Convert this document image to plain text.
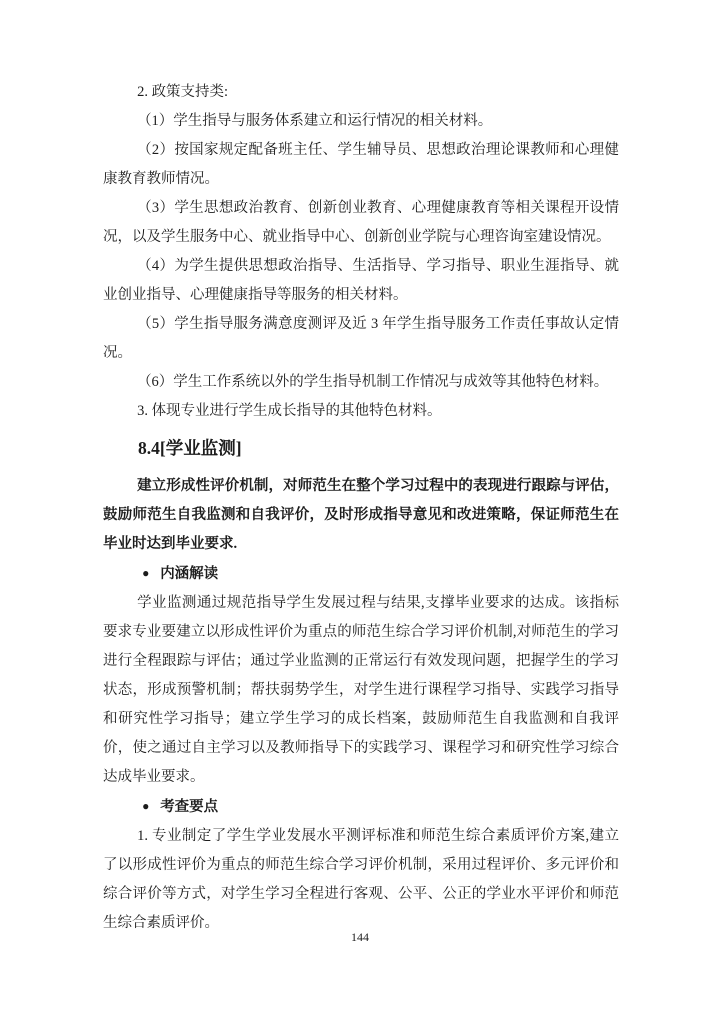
2. 政策支持类:

（1）学生指导与服务体系建立和运行情况的相关材料。

（2）按国家规定配备班主任、学生辅导员、思想政治理论课教师和心理健康教育教师情况。

（3）学生思想政治教育、创新创业教育、心理健康教育等相关课程开设情况，以及学生服务中心、就业指导中心、创新创业学院与心理咨询室建设情况。

（4）为学生提供思想政治指导、生活指导、学习指导、职业生涯指导、就业创业指导、心理健康指导等服务的相关材料。

（5）学生指导服务满意度测评及近 3 年学生指导服务工作责任事故认定情况。

（6）学生工作系统以外的学生指导机制工作情况与成效等其他特色材料。

3. 体现专业进行学生成长指导的其他特色材料。

8.4[学业监测]

建立形成性评价机制，对师范生在整个学习过程中的表现进行跟踪与评估，鼓励师范生自我监测和自我评价，及时形成指导意见和改进策略，保证师范生在毕业时达到毕业要求.

● 内涵解读

学业监测通过规范指导学生发展过程与结果,支撑毕业要求的达成。该指标要求专业要建立以形成性评价为重点的师范生综合学习评价机制,对师范生的学习进行全程跟踪与评估；通过学业监测的正常运行有效发现问题，把握学生的学习状态，形成预警机制；帮扶弱势学生，对学生进行课程学习指导、实践学习指导和研究性学习指导；建立学生学习的成长档案，鼓励师范生自我监测和自我评价，使之通过自主学习以及教师指导下的实践学习、课程学习和研究性学习综合达成毕业要求。

● 考查要点

1. 专业制定了学生学业发展水平测评标准和师范生综合素质评价方案,建立了以形成性评价为重点的师范生综合学习评价机制，采用过程评价、多元评价和综合评价等方式，对学生学习全程进行客观、公平、公正的学业水平评价和师范生综合素质评价。

144
